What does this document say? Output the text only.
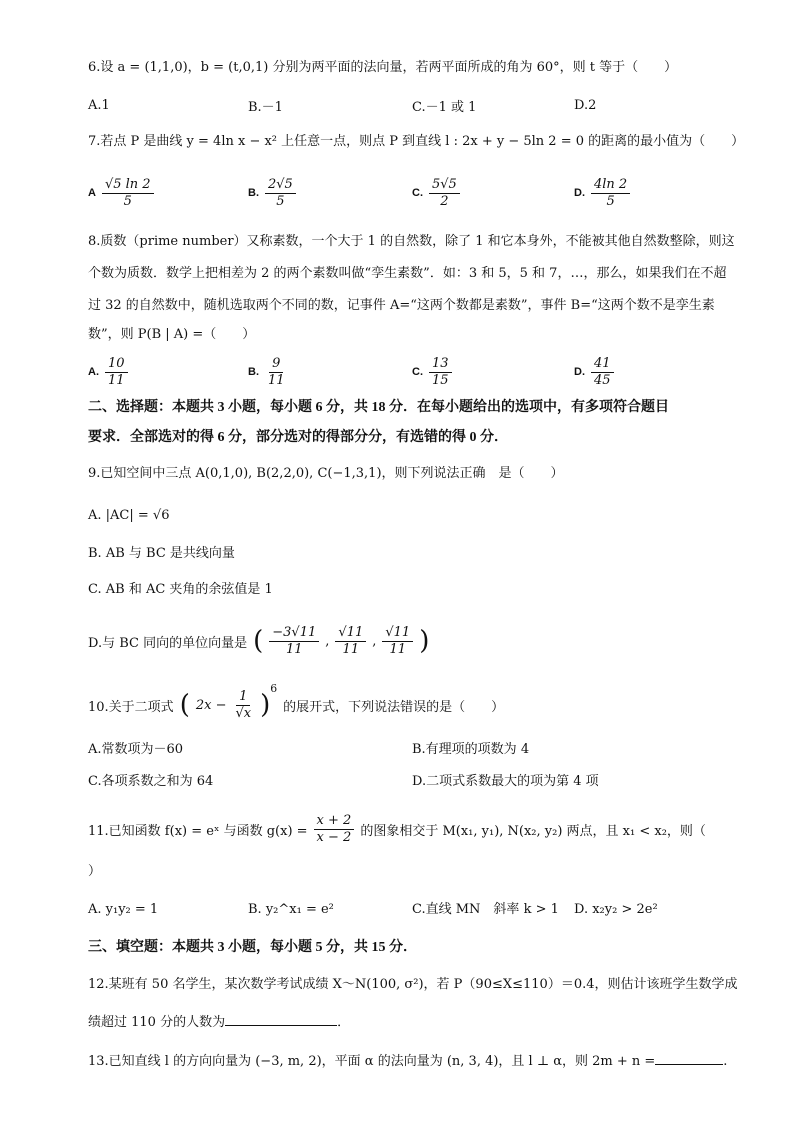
6.设 a = (1,1,0)，b = (t,0,1) 分别为两平面的法向量，若两平面所成的角为 60°，则 t 等于（　　）
A.1	B.－1	C.－1 或 1	D.2
7.若点 P 是曲线 y = 4ln x − x² 上任意一点，则点 P 到直线 l : 2x + y − 5ln 2 = 0 的距离的最小值为（　　）
A $\frac{√5 \ln 2}{5}$	B. $\frac{2√5}{5}$	C. $\frac{5√5}{2}$	D. $\frac{4\ln 2}{5}$
8.质数（prime number）又称素数，一个大于 1 的自然数，除了 1 和它本身外，不能被其他自然数整除，则这
个数为质数．数学上把相差为 2 的两个素数叫做“孪生素数”．如：3 和 5，5 和 7，…，那么，如果我们在不超
过 32 的自然数中，随机选取两个不同的数，记事件 A=“这两个数都是素数”，事件 B=“这两个数不是孪生素
数”，则 P(B | A) =（　　）
A. $\frac{10}{11}$	B. $\frac{9}{11}$	C. $\frac{13}{15}$	D. $\frac{41}{45}$
二、选择题：本题共 3 小题，每小题 6 分，共 18 分．在每小题给出的选项中，有多项符合题目
要求．全部选对的得 6 分，部分选对的得部分分，有选错的得 0 分．
9.已知空间中三点 A(0,1,0), B(2,2,0), C(−1,3,1)，则下列说法正确　是（　　）
A. |AC| = √6
B. AB 与 BC 是共线向量
C. AB 和 AC 夹角的余弦值是 1
D.与 BC 同向的单位向量是 ( $\frac{-3√11}{11}$ , $\frac{√11}{11}$ , $\frac{√11}{11}$ )
10.关于二项式 ( $2x - \frac{1}{√x}$ )
$^6$
的展开式，下列说法错误的是（　　）
A.常数项为－60	B.有理项的项数为 4
C.各项系数之和为 64	D.二项式系数最大的项为第 4 项
11.已知函数 f(x) = eˣ 与函数 $g(x) = \frac{x + 2}{x - 2}$ 的图象相交于 M(x₁, y₁), N(x₂, y₂) 两点，且 x₁ < x₂，则（
）
A. y₁y₂ = 1	B. y₂^x₁ = e²	C.直线 MN　斜率 k > 1 D. x₂y₂ > 2e²
三、填空题：本题共 3 小题，每小题 5 分，共 15 分．
12.某班有 50 名学生，某次数学考试成绩 X～N(100, σ²)，若 P（90≤X≤110）＝0.4，则估计该班学生数学成
绩超过 110 分的人数为	．
13.已知直线 l 的方向向量为 (−3, m, 2)，平面 α 的法向量为 (n, 3, 4)，且 l ⊥ α，则 2m + n =	.
